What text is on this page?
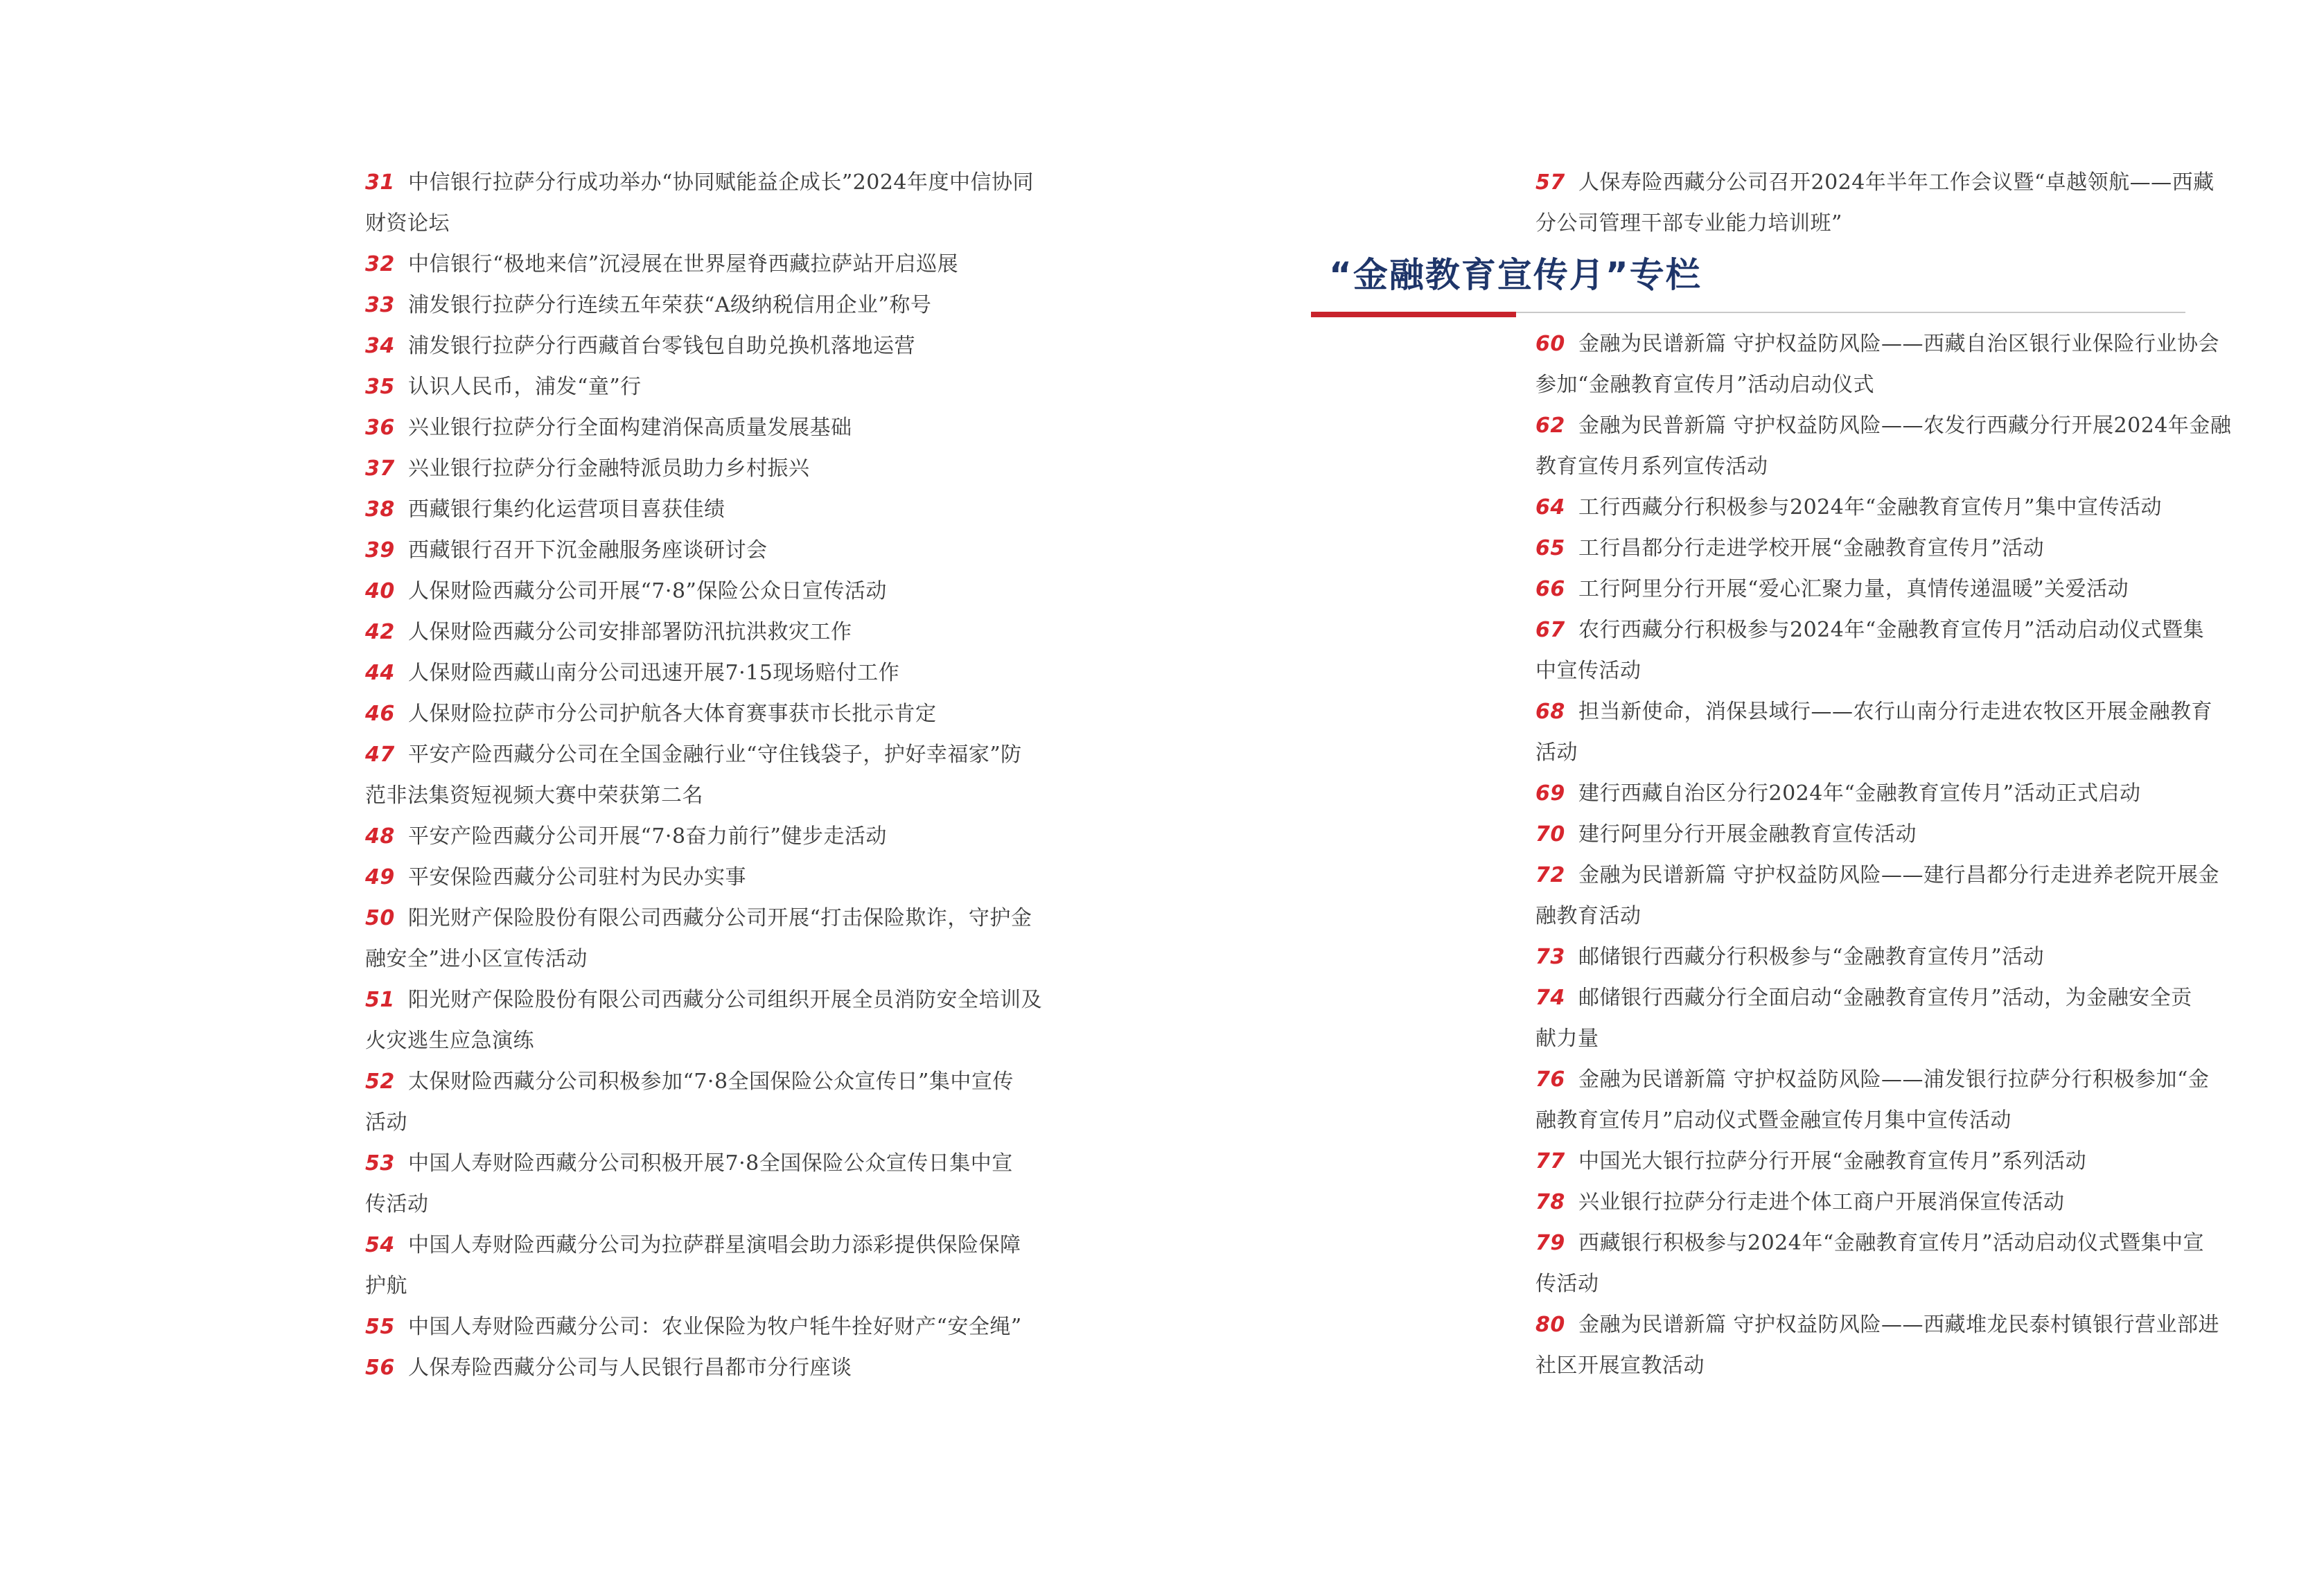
31 中信银行拉萨分行成功举办“协同赋能益企成长”2024年度中信协同
财资论坛

32 中信银行“极地来信”沉浸展在世界屋脊西藏拉萨站开启巡展

33 浦发银行拉萨分行连续五年荣获“A级纳税信用企业”称号

34 浦发银行拉萨分行西藏首台零钱包自助兑换机落地运营

35 认识人民币，浦发“童”行

36 兴业银行拉萨分行全面构建消保高质量发展基础

37 兴业银行拉萨分行金融特派员助力乡村振兴

38 西藏银行集约化运营项目喜获佳绩

39 西藏银行召开下沉金融服务座谈研讨会

40 人保财险西藏分公司开展“7·8”保险公众日宣传活动

42 人保财险西藏分公司安排部署防汛抗洪救灾工作

44 人保财险西藏山南分公司迅速开展7·15现场赔付工作

46 人保财险拉萨市分公司护航各大体育赛事获市长批示肯定

47 平安产险西藏分公司在全国金融行业“守住钱袋子，护好幸福家”防
范非法集资短视频大赛中荣获第二名

48 平安产险西藏分公司开展“7·8奋力前行”健步走活动

49 平安保险西藏分公司驻村为民办实事

50 阳光财产保险股份有限公司西藏分公司开展“打击保险欺诈，守护金
融安全”进小区宣传活动

51 阳光财产保险股份有限公司西藏分公司组织开展全员消防安全培训及
火灾逃生应急演练

52 太保财险西藏分公司积极参加“7·8全国保险公众宣传日”集中宣传
活动

53 中国人寿财险西藏分公司积极开展7·8全国保险公众宣传日集中宣
传活动

54 中国人寿财险西藏分公司为拉萨群星演唱会助力添彩提供保险保障
护航

55 中国人寿财险西藏分公司：农业保险为牧户牦牛拴好财产“安全绳”

56 人保寿险西藏分公司与人民银行昌都市分行座谈

57 人保寿险西藏分公司召开2024年半年工作会议暨“卓越领航——西藏
分公司管理干部专业能力培训班”

“金融教育宣传月”专栏

60 金融为民谱新篇 守护权益防风险——西藏自治区银行业保险行业协会
参加“金融教育宣传月”活动启动仪式

62 金融为民普新篇 守护权益防风险——农发行西藏分行开展2024年金融
教育宣传月系列宣传活动

64 工行西藏分行积极参与2024年“金融教育宣传月”集中宣传活动

65 工行昌都分行走进学校开展“金融教育宣传月”活动

66 工行阿里分行开展“爱心汇聚力量，真情传递温暖”关爱活动

67 农行西藏分行积极参与2024年“金融教育宣传月”活动启动仪式暨集
中宣传活动

68 担当新使命，消保县域行——农行山南分行走进农牧区开展金融教育
活动

69 建行西藏自治区分行2024年“金融教育宣传月”活动正式启动

70 建行阿里分行开展金融教育宣传活动

72 金融为民谱新篇 守护权益防风险——建行昌都分行走进养老院开展金
融教育活动

73 邮储银行西藏分行积极参与“金融教育宣传月”活动

74 邮储银行西藏分行全面启动“金融教育宣传月”活动，为金融安全贡
献力量

76 金融为民谱新篇 守护权益防风险——浦发银行拉萨分行积极参加“金
融教育宣传月”启动仪式暨金融宣传月集中宣传活动

77 中国光大银行拉萨分行开展“金融教育宣传月”系列活动

78 兴业银行拉萨分行走进个体工商户开展消保宣传活动

79 西藏银行积极参与2024年“金融教育宣传月”活动启动仪式暨集中宣
传活动

80 金融为民谱新篇 守护权益防风险——西藏堆龙民泰村镇银行营业部进
社区开展宣教活动
